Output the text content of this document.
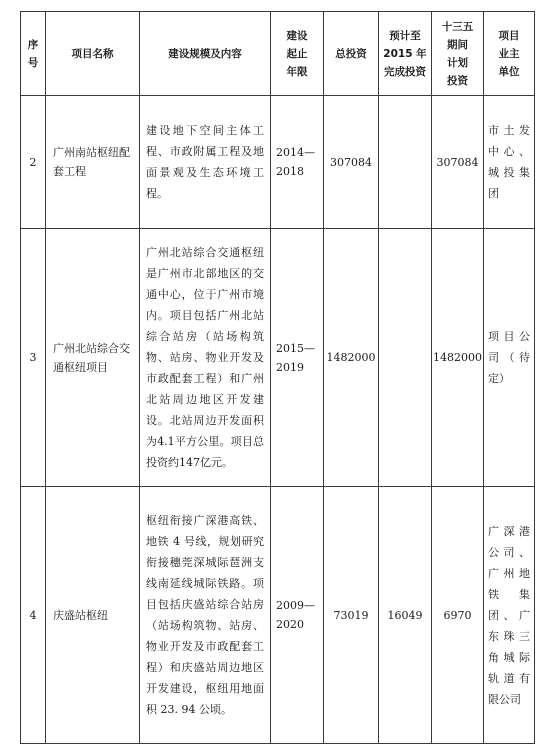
序
号	项目名称	建设规模及内容	建设
起止
年限	总投资	预计至
2015 年
完成投资	十三五
期间
计划
投资	项目
业主
单位

2	广州南站枢纽配套工程	建设地下空间主体工程、市政附属工程及地面景观及生态环境工程。	2014—
2018	307084		307084	市土发中心、城投集团

3	广州北站综合交通枢纽项目	广州北站综合交通枢纽是广州市北部地区的交通中心，位于广州市境内。项目包括广州北站综合站房（站场构筑物、站房、物业开发及市政配套工程）和广州北站周边地区开发建设。北站周边开发面积为4.1平方公里。项目总投资约147亿元。	2015—
2019	1482000		1482000	项目公司（待定）

4	庆盛站枢纽	枢纽衔接广深港高铁、地铁 4 号线，规划研究衔接穗莞深城际琶洲支线南延线城际铁路。项目包括庆盛站综合站房（站场构筑物、站房、物业开发及市政配套工程）和庆盛站周边地区开发建设，枢纽用地面积 23. 94 公顷。	2009—
2020	73019	16049	6970	广深港公司、广州地铁集团、广东珠三角城际轨道有限公司
